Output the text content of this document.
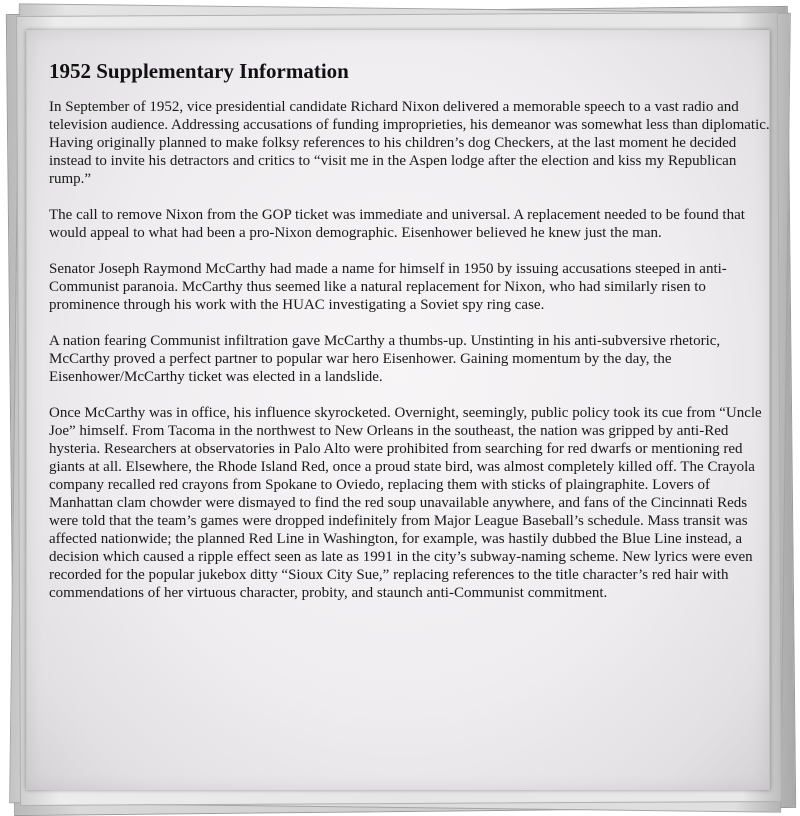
1952 Supplementary Information

In September of 1952, vice presidential candidate Richard Nixon delivered a memorable speech to a vast radio and television audience. Addressing accusations of funding improprieties, his demeanor was somewhat less than diplomatic. Having originally planned to make folksy references to his children’s dog Checkers, at the last moment he decided instead to invite his detractors and critics to “visit me in the Aspen lodge after the election and kiss my Republican rump.”

The call to remove Nixon from the GOP ticket was immediate and universal. A replacement needed to be found that would appeal to what had been a pro-Nixon demographic. Eisenhower believed he knew just the man.

Senator Joseph Raymond McCarthy had made a name for himself in 1950 by issuing accusations steeped in anti-Communist paranoia. McCarthy thus seemed like a natural replacement for Nixon, who had similarly risen to prominence through his work with the HUAC investigating a Soviet spy ring case.

A nation fearing Communist infiltration gave McCarthy a thumbs-up. Unstinting in his anti-subversive rhetoric, McCarthy proved a perfect partner to popular war hero Eisenhower. Gaining momentum by the day, the Eisenhower/McCarthy ticket was elected in a landslide.

Once McCarthy was in office, his influence skyrocketed. Overnight, seemingly, public policy took its cue from “Uncle Joe” himself. From Tacoma in the northwest to New Orleans in the southeast, the nation was gripped by anti-Red hysteria. Researchers at observatories in Palo Alto were prohibited from searching for red dwarfs or mentioning red giants at all. Elsewhere, the Rhode Island Red, once a proud state bird, was almost completely killed off. The Crayola company recalled red crayons from Spokane to Oviedo, replacing them with sticks of plaingraphite. Lovers of Manhattan clam chowder were dismayed to find the red soup unavailable anywhere, and fans of the Cincinnati Reds were told that the team’s games were dropped indefinitely from Major League Baseball’s schedule. Mass transit was affected nationwide; the planned Red Line in Washington, for example, was hastily dubbed the Blue Line instead, a decision which caused a ripple effect seen as late as 1991 in the city’s subway-naming scheme. New lyrics were even recorded for the popular jukebox ditty “Sioux City Sue,” replacing references to the title character’s red hair with commendations of her virtuous character, probity, and staunch anti-Communist commitment.
